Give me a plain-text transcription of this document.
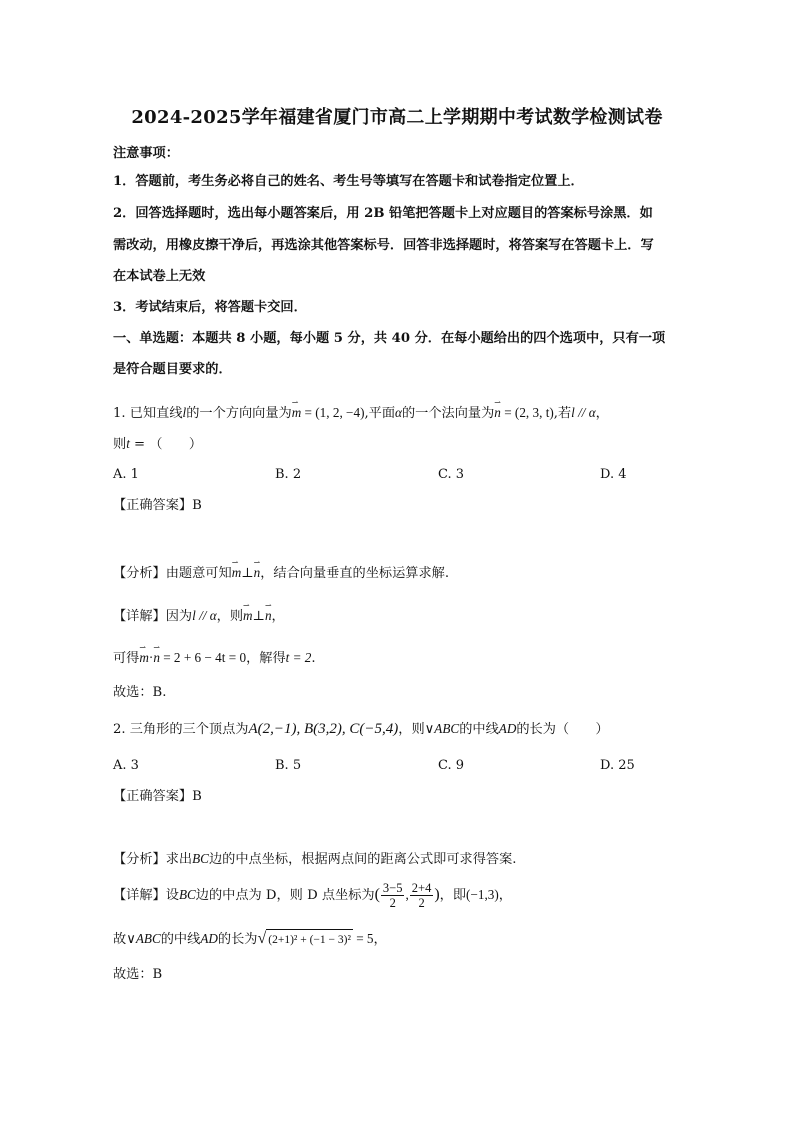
2024-2025学年福建省厦门市高二上学期期中考试数学检测试卷
注意事项：
1．答题前，考生务必将自己的姓名、考生号等填写在答题卡和试卷指定位置上．
2．回答选择题时，选出每小题答案后，用 2B 铅笔把答题卡上对应题目的答案标号涂黑．如
需改动，用橡皮擦干净后，再选涂其他答案标号．回答非选择题时，将答案写在答题卡上．写
在本试卷上无效
3．考试结束后，将答题卡交回．
一、单选题：本题共 8 小题，每小题 5 分，共 40 分．在每小题给出的四个选项中，只有一项
是符合题目要求的．
1. 已知直线l的一个方向向量为
⇀
m = (1, 2, −4),平面α的一个法向量为
⇀
n = (2, 3, t),若l // α，
则t = （　　）
A. 1	B. 2	C. 3	D. 4
【正确答案】B
【分析】由题意可知
⇀
m⊥
⇀
n，结合向量垂直的坐标运算求解.
【详解】因为l // α，则
⇀
m⊥
⇀
n，
可得
⇀
m·
⇀
n = 2 + 6 − 4t = 0，解得t = 2.
故选：B.
2. 三角形的三个顶点为A(2,−1), B(3,2), C(−5,4)，则∨ABC的中线AD的长为（　　）
A. 3	B. 5	C. 9	D. 25
【正确答案】B
【分析】求出BC边的中点坐标，根据两点间的距离公式即可求得答案.
【详解】设BC边的中点为 D，则 D 点坐标为( $\frac{3-5}{2}$ , $\frac{2+4}{2}$ )，即(−1,3)，
故∨ABC的中线AD的长为√ (2+1)² + (−1 − 3)² = 5，
故选：B
